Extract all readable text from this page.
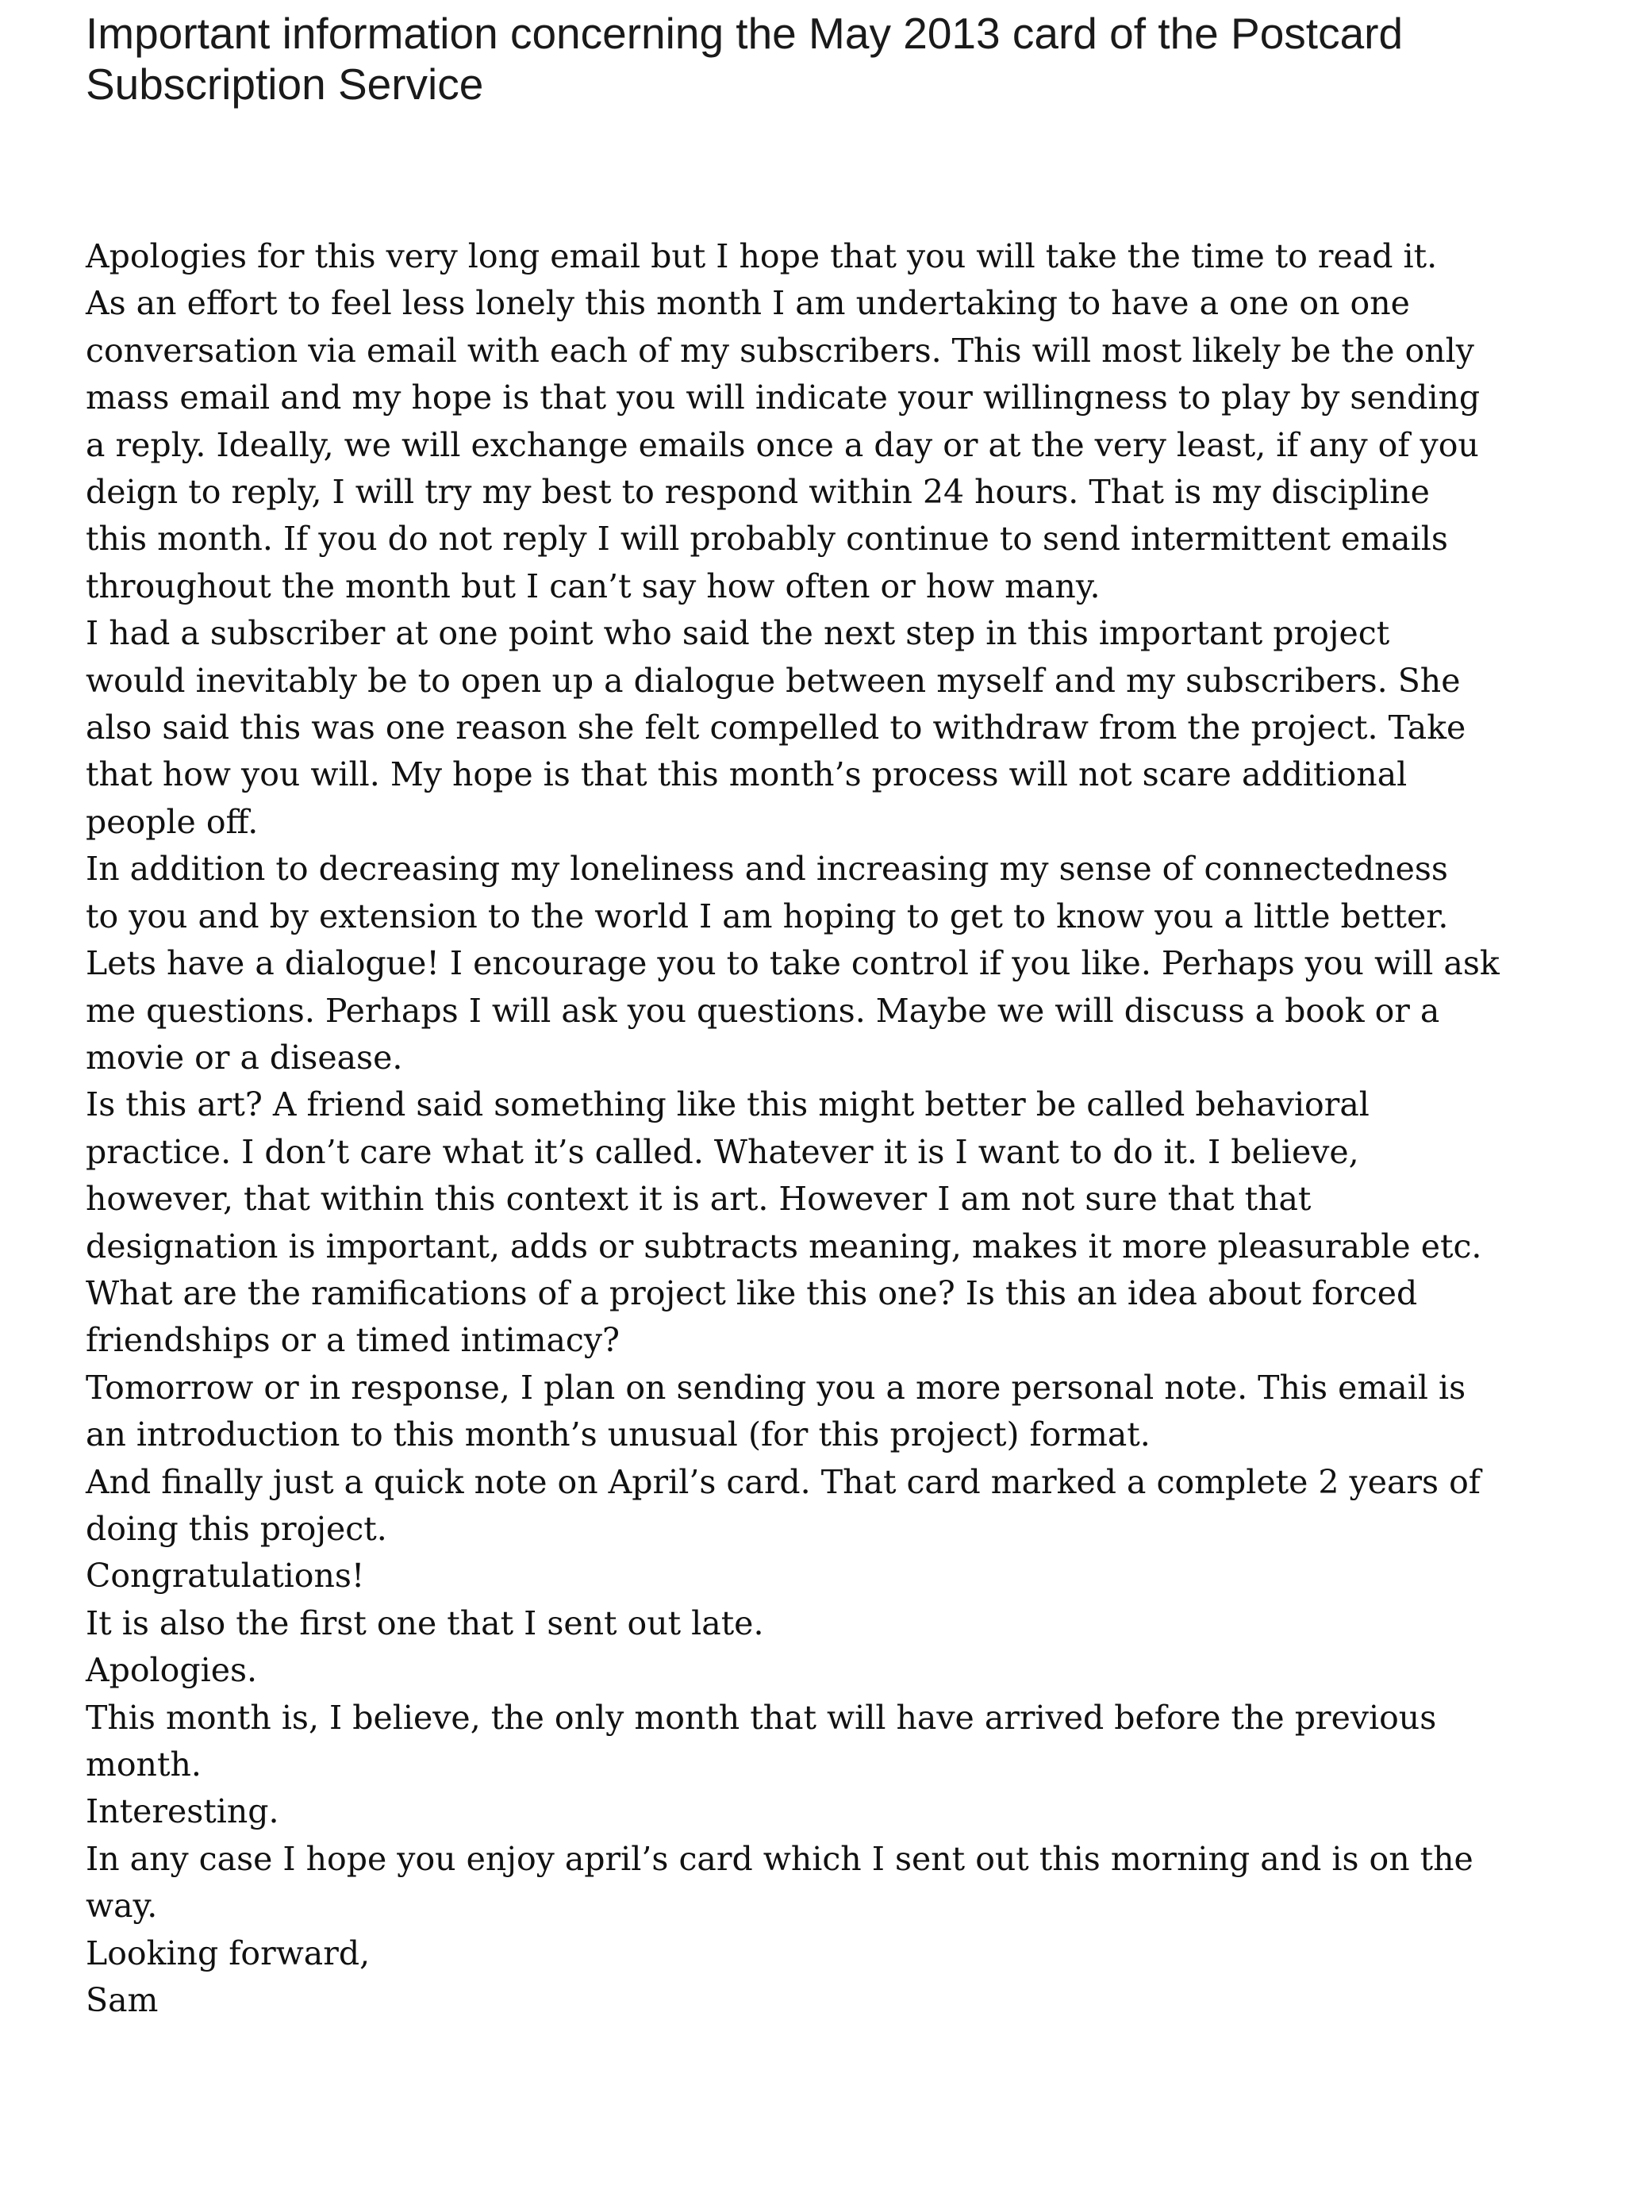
Important information concerning the May 2013 card of the Postcard
Subscription Service
Apologies for this very long email but I hope that you will take the time to read it.
As an effort to feel less lonely this month I am undertaking to have a one on one
conversation via email with each of my subscribers. This will most likely be the only
mass email and my hope is that you will indicate your willingness to play by sending
a reply. Ideally, we will exchange emails once a day or at the very least, if any of you
deign to reply, I will try my best to respond within 24 hours. That is my discipline
this month. If you do not reply I will probably continue to send intermittent emails
throughout the month but I can’t say how often or how many.
I had a subscriber at one point who said the next step in this important project
would inevitably be to open up a dialogue between myself and my subscribers. She
also said this was one reason she felt compelled to withdraw from the project. Take
that how you will. My hope is that this month’s process will not scare additional
people off.
In addition to decreasing my loneliness and increasing my sense of connectedness
to you and by extension to the world I am hoping to get to know you a little better.
Lets have a dialogue! I encourage you to take control if you like. Perhaps you will ask
me questions. Perhaps I will ask you questions. Maybe we will discuss a book or a
movie or a disease.
Is this art? A friend said something like this might better be called behavioral
practice. I don’t care what it’s called. Whatever it is I want to do it. I believe,
however, that within this context it is art. However I am not sure that that
designation is important, adds or subtracts meaning, makes it more pleasurable etc.
What are the ramifications of a project like this one? Is this an idea about forced
friendships or a timed intimacy?
Tomorrow or in response, I plan on sending you a more personal note. This email is
an introduction to this month’s unusual (for this project) format.
And finally just a quick note on April’s card. That card marked a complete 2 years of
doing this project.
Congratulations!
It is also the first one that I sent out late.
Apologies.
This month is, I believe, the only month that will have arrived before the previous
month.
Interesting.
In any case I hope you enjoy april’s card which I sent out this morning and is on the
way.
Looking forward,
Sam
